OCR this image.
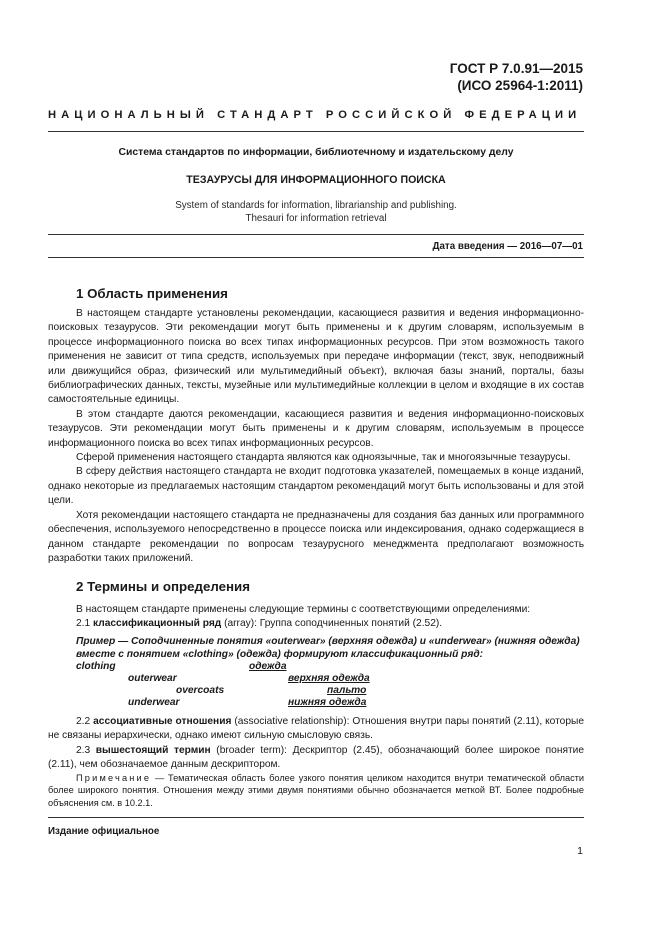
ГОСТ Р 7.0.91—2015
(ИСО 25964-1:2011)
НАЦИОНАЛЬНЫЙ СТАНДАРТ РОССИЙСКОЙ ФЕДЕРАЦИИ
Система стандартов по информации, библиотечному и издательскому делу
ТЕЗАУРУСЫ ДЛЯ ИНФОРМАЦИОННОГО ПОИСКА
System of standards for information, librarianship and publishing.
Thesauri for information retrieval
Дата введения — 2016—07—01
1 Область применения

В настоящем стандарте установлены рекомендации, касающиеся развития и ведения информационно-поисковых тезаурусов. Эти рекомендации могут быть применены и к другим словарям, используемым в процессе информационного поиска во всех типах информационных ресурсов. При этом возможность такого применения не зависит от типа средств, используемых при передаче информации (текст, звук, неподвижный или движущийся образ, физический или мультимедийный объект), включая базы знаний, порталы, базы библиографических данных, тексты, музейные или мультимедийные коллекции в целом и входящие в их состав самостоятельные единицы.

В этом стандарте даются рекомендации, касающиеся развития и ведения информационно-поисковых тезаурусов. Эти рекомендации могут быть применены и к другим словарям, используемым в процессе информационного поиска во всех типах информационных ресурсов.

Сферой применения настоящего стандарта являются как одноязычные, так и многоязычные тезаурусы.

В сферу действия настоящего стандарта не входит подготовка указателей, помещаемых в конце изданий, однако некоторые из предлагаемых настоящим стандартом рекомендаций могут быть использованы и для этой цели.

Хотя рекомендации настоящего стандарта не предназначены для создания баз данных или программного обеспечения, используемого непосредственно в процессе поиска или индексирования, однако содержащиеся в данном стандарте рекомендации по вопросам тезаурусного менеджмента предполагают возможность разработки таких приложений.

2 Термины и определения

В настоящем стандарте применены следующие термины с соответствующими определениями:

2.1 классификационный ряд (array): Группа соподчиненных понятий (2.52).

Пример — Соподчиненные понятия «outerwear» (верхняя одежда) и «underwear» (нижняя одежда) вместе с понятием «clothing» (одежда) формируют классификационный ряд:
clothing
outerwear
overcoats
underwear
одежда
верхняя одежда
пальто
нижняя одежда

2.2 ассоциативные отношения (associative relationship): Отношения внутри пары понятий (2.11), которые не связаны иерархически, однако имеют сильную смысловую связь.

2.3 вышестоящий термин (broader term): Дескриптор (2.45), обозначающий более широкое понятие (2.11), чем обозначаемое данным дескриптором.

Примечание — Тематическая область более узкого понятия целиком находится внутри тематической области более широкого понятия. Отношения между этими двумя понятиями обычно обозначается меткой ВТ. Более подробные объяснения см. в 10.2.1.
Издание официальное
1
